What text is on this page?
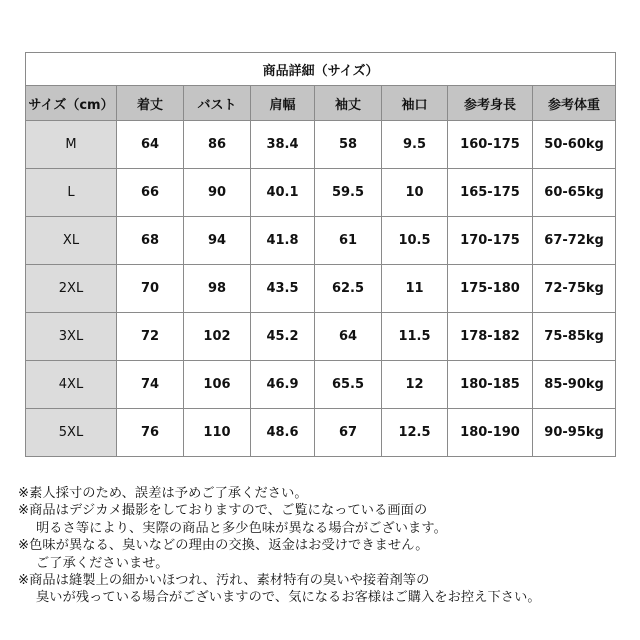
商品詳細（サイズ）							
サイズ（cm）	着丈	バスト	肩幅	袖丈	袖口	参考身長	参考体重
M	64	86	38.4	58	9.5	160-175	50-60kg
L	66	90	40.1	59.5	10	165-175	60-65kg
XL	68	94	41.8	61	10.5	170-175	67-72kg
2XL	70	98	43.5	62.5	11	175-180	72-75kg
3XL	72	102	45.2	64	11.5	178-182	75-85kg
4XL	74	106	46.9	65.5	12	180-185	85-90kg
5XL	76	110	48.6	67	12.5	180-190	90-95kg

※素人採寸のため、誤差は予めご了承ください。

※商品はデジカメ撮影をしておりますので、ご覧になっている画面の

明るさ等により、実際の商品と多少色味が異なる場合がございます。

※色味が異なる、臭いなどの理由の交換、返金はお受けできません。

ご了承くださいませ。

※商品は縫製上の細かいほつれ、汚れ、素材特有の臭いや接着剤等の

臭いが残っている場合がございますので、気になるお客様はご購入をお控え下さい。
